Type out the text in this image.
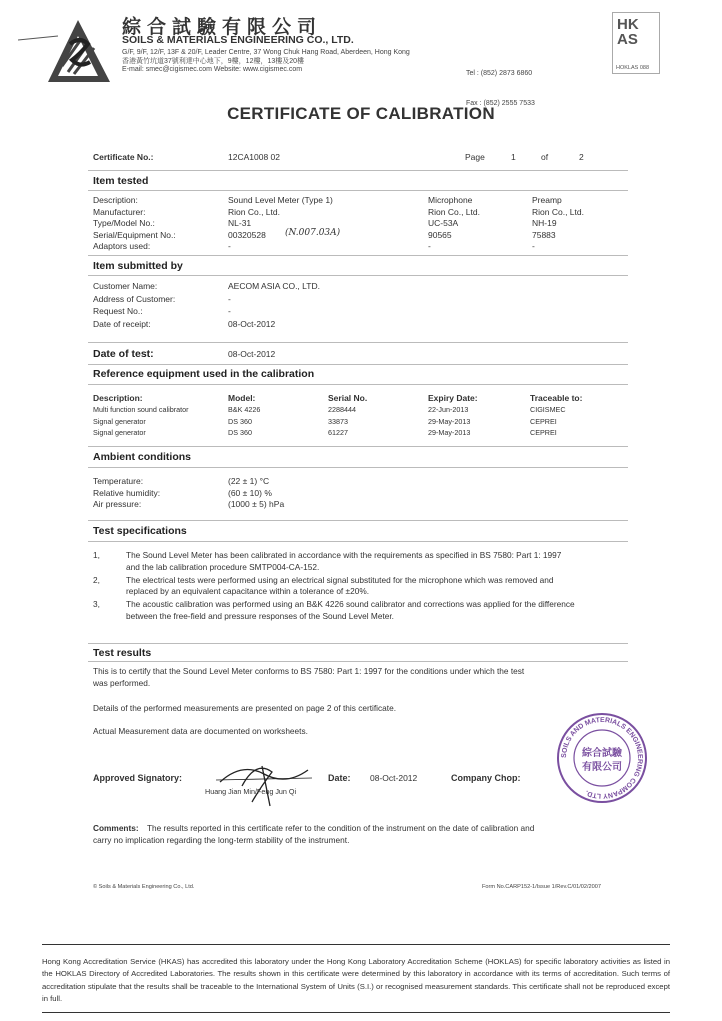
綜合試驗有限公司
SOILS & MATERIALS ENGINEERING CO., LTD.
G/F, 9/F, 12/F, 13F & 20/F, Leader Centre, 37 Wong Chuk Hang Road, Aberdeen, Hong Kong
香港黃竹坑道37號利達中心地下，9樓，12樓，13樓及20樓
E-mail: smec@cigismec.com Website: www.cigismec.com

Tel : (852) 2873 6860

Fax : (852) 2555 7533

HKAS
HOKLAS 088
CERTIFICATE OF CALIBRATION
Certificate No.:	12CA1008 02	Page	1	of	2
Item tested
Description:	Sound Level Meter (Type 1)	Microphone	Preamp
Manufacturer:	Rion Co., Ltd.	Rion Co., Ltd.	Rion Co., Ltd.
Type/Model No.:	NL-31	UC-53A	NH-19
Serial/Equipment No.:	00320528	90565	75883
Adaptors used:	-	-	-
(N.007.03A)
Item submitted by
Customer Name:	AECOM ASIA CO., LTD.
Address of Customer:	-
Request No.:	-
Date of receipt:	08-Oct-2012
Date of test:	08-Oct-2012
Reference equipment used in the calibration
Description:	Model:	Serial No.	Expiry Date:	Traceable to:
Multi function sound calibrator	B&K 4226	2288444	22-Jun-2013	CIGISMEC
Signal generator	DS 360	33873	29-May-2013	CEPREI
Signal generator	DS 360	61227	29-May-2013	CEPREI
Ambient conditions
Temperature:	(22 ± 1) °C
Relative humidity:	(60 ± 10) %
Air pressure:	(1000 ± 5) hPa
Test specifications
1,	The Sound Level Meter has been calibrated in accordance with the requirements as specified in BS 7580: Part 1: 1997
and the lab calibration procedure SMTP004-CA-152.
2,	The electrical tests were performed using an electrical signal substituted for the microphone which was removed and
replaced by an equivalent capacitance within a tolerance of ±20%.
3,	The acoustic calibration was performed using an B&K 4226 sound calibrator and corrections was applied for the difference
between the free-field and pressure responses of the Sound Level Meter.
Test results
This is to certify that the Sound Level Meter conforms to BS 7580: Part 1: 1997 for the conditions under which the test
was performed.
Details of the performed measurements are presented on page 2 of this certificate.
Actual Measurement data are documented on worksheets.
Approved Signatory:
Huang Jian Min/Feng Jun Qi
Date: 08-Oct-2012	Company Chop:
SOILS AND MATERIALS ENGINEERING COMPANY LTD.
綜合試驗
有限公司
Comments: The results reported in this certificate refer to the condition of the instrument on the date of calibration and
carry no implication regarding the long-term stability of the instrument.
© Soils & Materials Engineering Co., Ltd.	Form No.CARP152-1/Issue 1/Rev.C/01/02/2007
Hong Kong Accreditation Service (HKAS) has accredited this laboratory under the Hong Kong Laboratory Accreditation Scheme (HOKLAS) for specific laboratory activities as listed in the HOKLAS Directory of Accredited Laboratories. The results shown in this certificate were determined by this laboratory in accordance with its terms of accreditation. Such terms of accreditation stipulate that the results shall be traceable to the International System of Units (S.I.) or recognised measurement standards. This certificate shall not be reproduced except in full.
